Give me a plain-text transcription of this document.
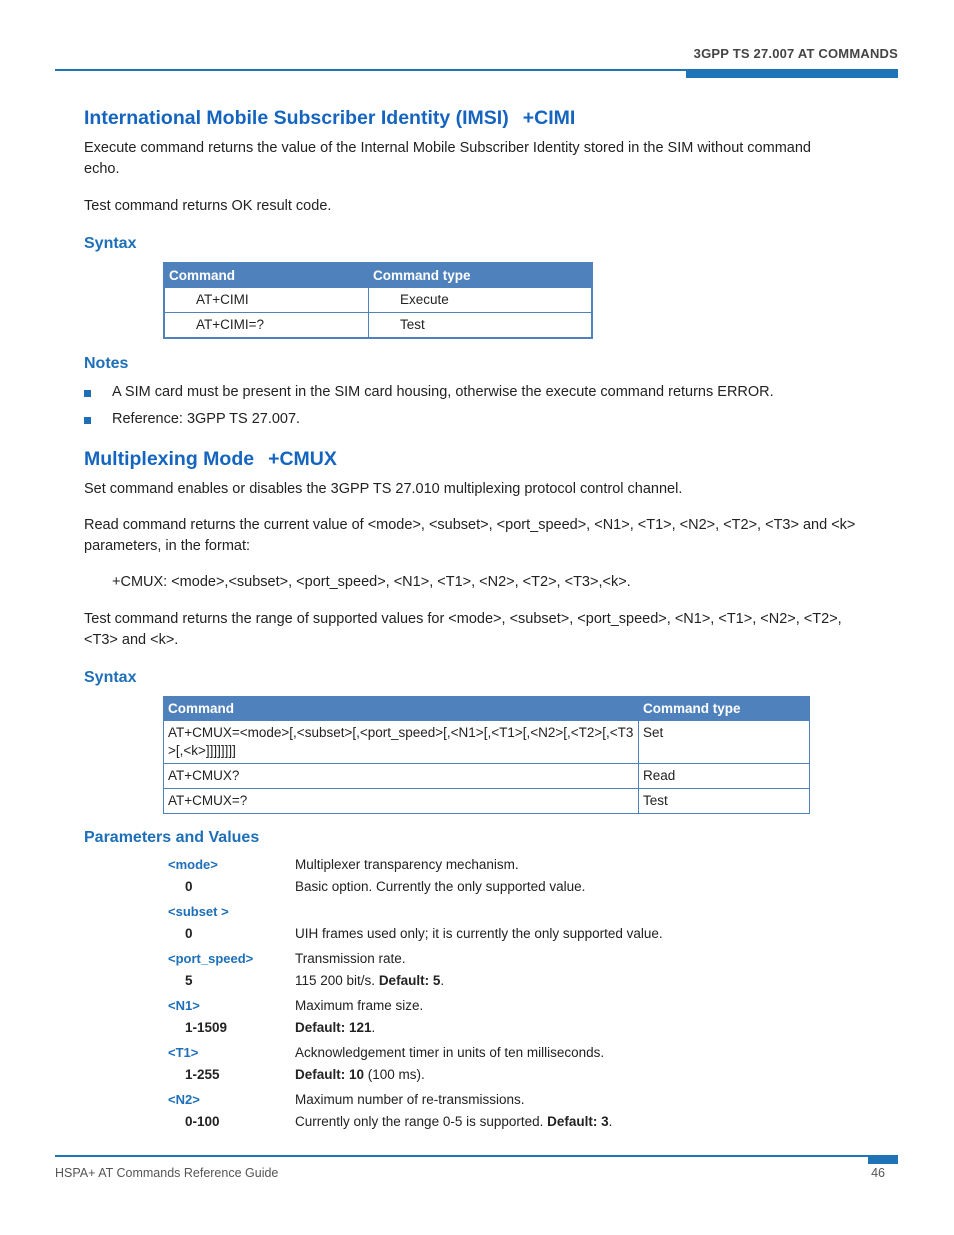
3GPP TS 27.007 AT COMMANDS
International Mobile Subscriber Identity (IMSI) +CIMI

Execute command returns the value of the Internal Mobile Subscriber Identity stored in the SIM without command echo.

Test command returns OK result code.

Syntax
Command	Command type
AT+CIMI	Execute
AT+CIMI=?	Test
Notes
A SIM card must be present in the SIM card housing, otherwise the execute command returns ERROR.
Reference: 3GPP TS 27.007.
Multiplexing Mode +CMUX

Set command enables or disables the 3GPP TS 27.010 multiplexing protocol control channel.

Read command returns the current value of <mode>, <subset>, <port_speed>, <N1>, <T1>, <N2>, <T2>, <T3> and <k> parameters, in the format:

+CMUX: <mode>,<subset>, <port_speed>, <N1>, <T1>, <N2>, <T2>, <T3>,<k>.

Test command returns the range of supported values for <mode>, <subset>, <port_speed>, <N1>, <T1>, <N2>, <T2>, <T3> and <k>.

Syntax
Command	Command type
AT+CMUX=<mode>[,<subset>[,<port_speed>[,<N1>[,<T1>[,<N2>[,<T2>[,<T3>[,<k>]]]]]]]]	Set
AT+CMUX?	Read
AT+CMUX=?	Test
Parameters and Values
<mode>	Multiplexer transparency mechanism.
0	Basic option. Currently the only supported value.
<subset >
0	UIH frames used only; it is currently the only supported value.
<port_speed>	Transmission rate.
5	115 200 bit/s. Default: 5.
<N1>	Maximum frame size.
1-1509	Default: 121.
<T1>	Acknowledgement timer in units of ten milliseconds.
1-255	Default: 10 (100 ms).
<N2>	Maximum number of re-transmissions.
0-100	Currently only the range 0-5 is supported. Default: 3.
HSPA+ AT Commands Reference Guide	46
